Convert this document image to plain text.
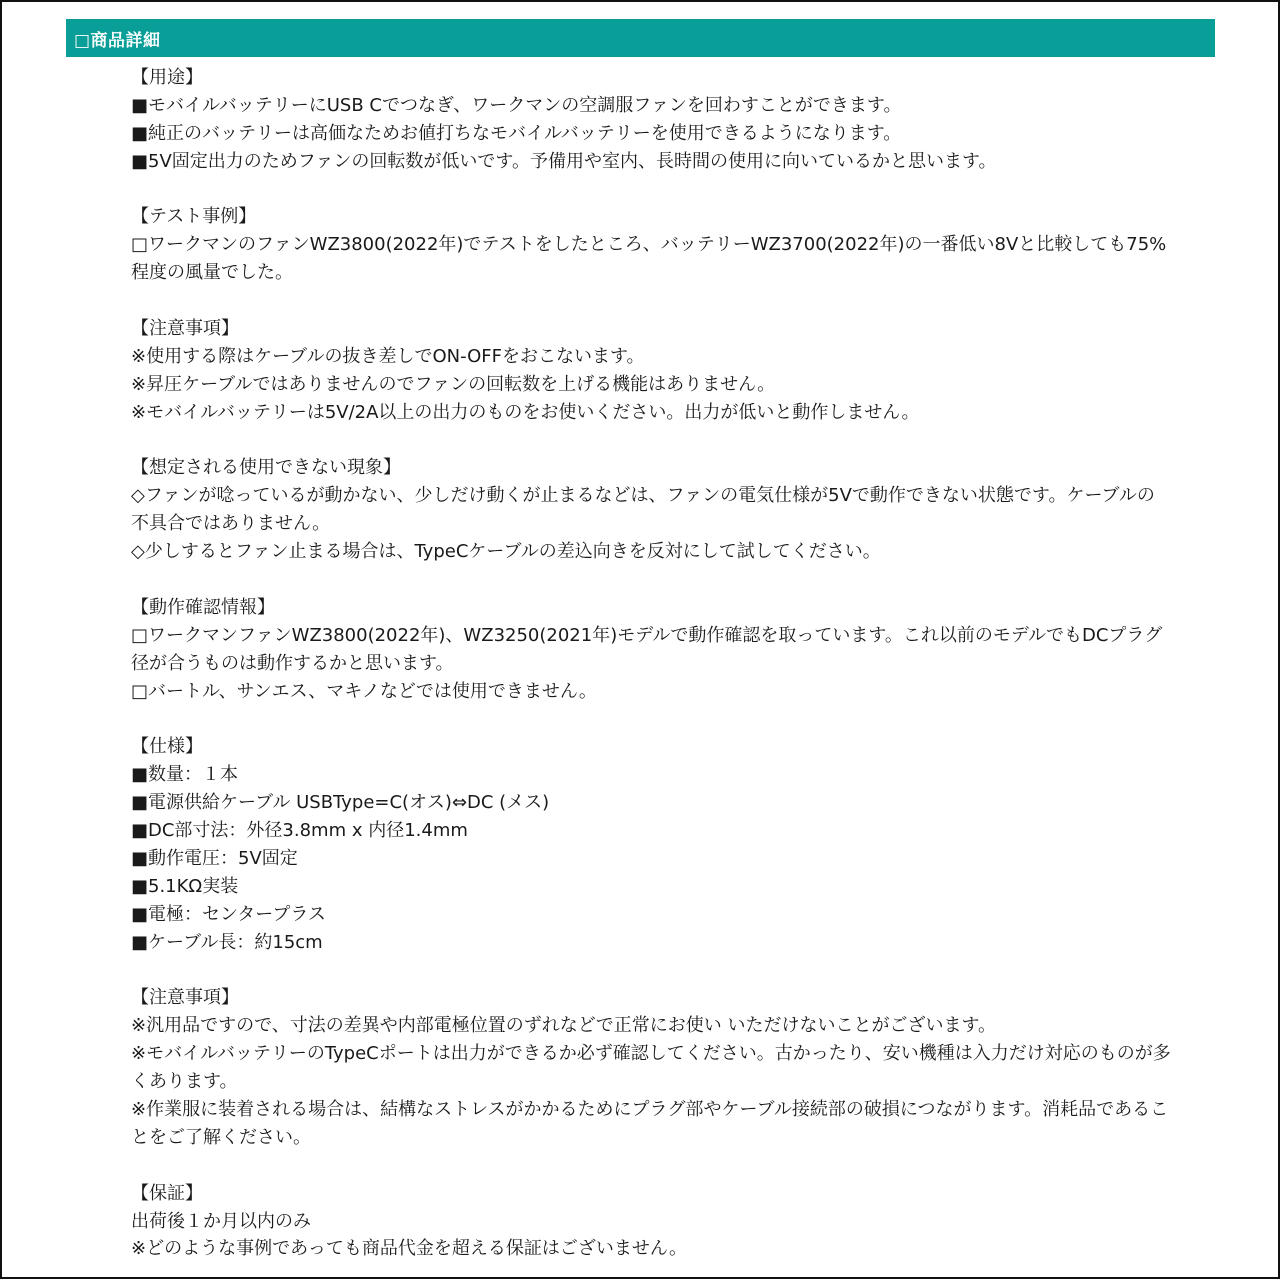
□商品詳細
【用途】
■モバイルバッテリーにUSB Cでつなぎ、ワークマンの空調服ファンを回わすことができます。
■純正のバッテリーは高価なためお値打ちなモバイルバッテリーを使用できるようになります。
■5V固定出力のためファンの回転数が低いです。予備用や室内、長時間の使用に向いているかと思います。
【テスト事例】
□ワークマンのファンWZ3800(2022年)でテストをしたところ、バッテリーWZ3700(2022年)の一番低い8Vと比較しても75%
程度の風量でした。
【注意事項】
※使用する際はケーブルの抜き差しでON-OFFをおこないます。
※昇圧ケーブルではありませんのでファンの回転数を上げる機能はありません。
※モバイルバッテリーは5V/2A以上の出力のものをお使いください。出力が低いと動作しません。
【想定される使用できない現象】
◇ファンが唸っているが動かない、少しだけ動くが止まるなどは、ファンの電気仕様が5Vで動作できない状態です。ケーブルの
不具合ではありません。
◇少しするとファン止まる場合は、TypeCケーブルの差込向きを反対にして試してください。
【動作確認情報】
□ワークマンファンWZ3800(2022年)、WZ3250(2021年)モデルで動作確認を取っています。これ以前のモデルでもDCプラグ
径が合うものは動作するかと思います。
□バートル、サンエス、マキノなどでは使用できません。
【仕様】
■数量：１本
■電源供給ケーブル USBType=C(オス)⇔DC (メス)
■DC部寸法：外径3.8mm x 内径1.4mm
■動作電圧：5V固定
■5.1KΩ実装
■電極：センタープラス
■ケーブル長：約15cm
【注意事項】
※汎用品ですので、寸法の差異や内部電極位置のずれなどで正常にお使い いただけないことがございます。
※モバイルバッテリーのTypeCポートは出力ができるか必ず確認してください。古かったり、安い機種は入力だけ対応のものが多
くあります。
※作業服に装着される場合は、結構なストレスがかかるためにプラグ部やケーブル接続部の破損につながります。消耗品であるこ
とをご了解ください。
【保証】
出荷後１か月以内のみ
※どのような事例であっても商品代金を超える保証はございません。
